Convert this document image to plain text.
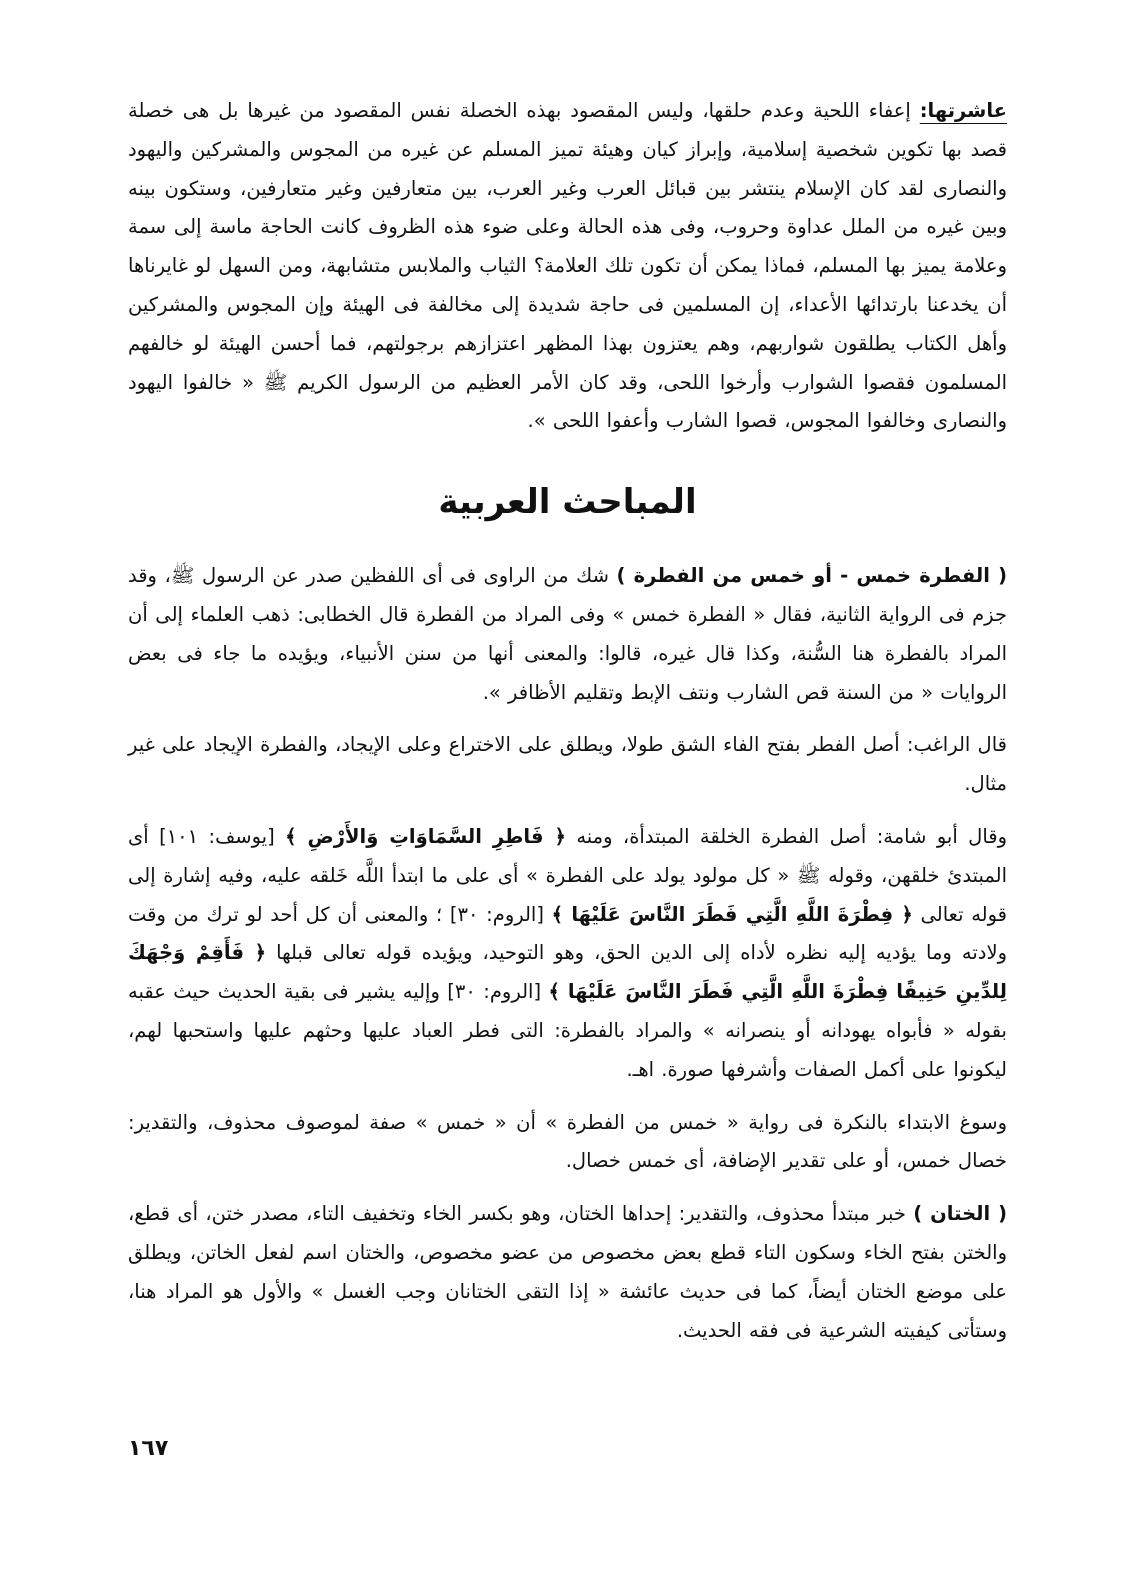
عاشرتها: إعفاء اللحية وعدم حلقها، وليس المقصود بهذه الخصلة نفس المقصود من غيرها بل هى خصلة قصد بها تكوين شخصية إسلامية، وإبراز كيان وهيئة تميز المسلم عن غيره من المجوس والمشركين واليهود والنصارى لقد كان الإسلام ينتشر بين قبائل العرب وغير العرب، بين متعارفين وغير متعارفين، وستكون بينه وبين غيره من الملل عداوة وحروب، وفى هذه الحالة وعلى ضوء هذه الظروف كانت الحاجة ماسة إلى سمة وعلامة يميز بها المسلم، فماذا يمكن أن تكون تلك العلامة؟ الثياب والملابس متشابهة، ومن السهل لو غايرناها أن يخدعنا بارتدائها الأعداء، إن المسلمين فى حاجة شديدة إلى مخالفة فى الهيئة وإن المجوس والمشركين وأهل الكتاب يطلقون شواربهم، وهم يعتزون بهذا المظهر اعتزازهم برجولتهم، فما أحسن الهيئة لو خالفهم المسلمون فقصوا الشوارب وأرخوا اللحى، وقد كان الأمر العظيم من الرسول الكريم ﷺ « خالفوا اليهود والنصارى وخالفوا المجوس، قصوا الشارب وأعفوا اللحى ».

المباحث العربية

( الفطرة خمس - أو خمس من الفطرة ) شك من الراوى فى أى اللفظين صدر عن الرسول ﷺ، وقد جزم فى الرواية الثانية، فقال « الفطرة خمس » وفى المراد من الفطرة قال الخطابى: ذهب العلماء إلى أن المراد بالفطرة هنا السُّنة، وكذا قال غيره، قالوا: والمعنى أنها من سنن الأنبياء، ويؤيده ما جاء فى بعض الروايات « من السنة قص الشارب ونتف الإبط وتقليم الأظافر ».

قال الراغب: أصل الفطر بفتح الفاء الشق طولا، ويطلق على الاختراع وعلى الإيجاد، والفطرة الإيجاد على غير مثال.

وقال أبو شامة: أصل الفطرة الخلقة المبتدأة، ومنه ﴿ فَاطِرِ السَّمَاوَاتِ وَالأَرْضِ ﴾ [يوسف: ١٠١] أى المبتدئ خلقهن، وقوله ﷺ « كل مولود يولد على الفطرة » أى على ما ابتدأ اللَّه خَلقه عليه، وفيه إشارة إلى قوله تعالى ﴿ فِطْرَةَ اللَّهِ الَّتِي فَطَرَ النَّاسَ عَلَيْهَا ﴾ [الروم: ٣٠] ؛ والمعنى أن كل أحد لو ترك من وقت ولادته وما يؤديه إليه نظره لأداه إلى الدين الحق، وهو التوحيد، ويؤيده قوله تعالى قبلها ﴿ فَأَقِمْ وَجْهَكَ لِلدِّينِ حَنِيفًا فِطْرَةَ اللَّهِ الَّتِي فَطَرَ النَّاسَ عَلَيْهَا ﴾ [الروم: ٣٠] وإليه يشير فى بقية الحديث حيث عقبه بقوله « فأبواه يهودانه أو ينصرانه » والمراد بالفطرة: التى فطر العباد عليها وحثهم عليها واستحبها لهم، ليكونوا على أكمل الصفات وأشرفها صورة. اهـ.

وسوغ الابتداء بالنكرة فى رواية « خمس من الفطرة » أن « خمس » صفة لموصوف محذوف، والتقدير: خصال خمس، أو على تقدير الإضافة، أى خمس خصال.

( الختان ) خبر مبتدأ محذوف، والتقدير: إحداها الختان، وهو بكسر الخاء وتخفيف التاء، مصدر ختن، أى قطع، والختن بفتح الخاء وسكون التاء قطع بعض مخصوص من عضو مخصوص، والختان اسم لفعل الخاتن، ويطلق على موضع الختان أيضاً، كما فى حديث عائشة « إذا التقى الختانان وجب الغسل » والأول هو المراد هنا، وستأتى كيفيته الشرعية فى فقه الحديث.

١٦٧
